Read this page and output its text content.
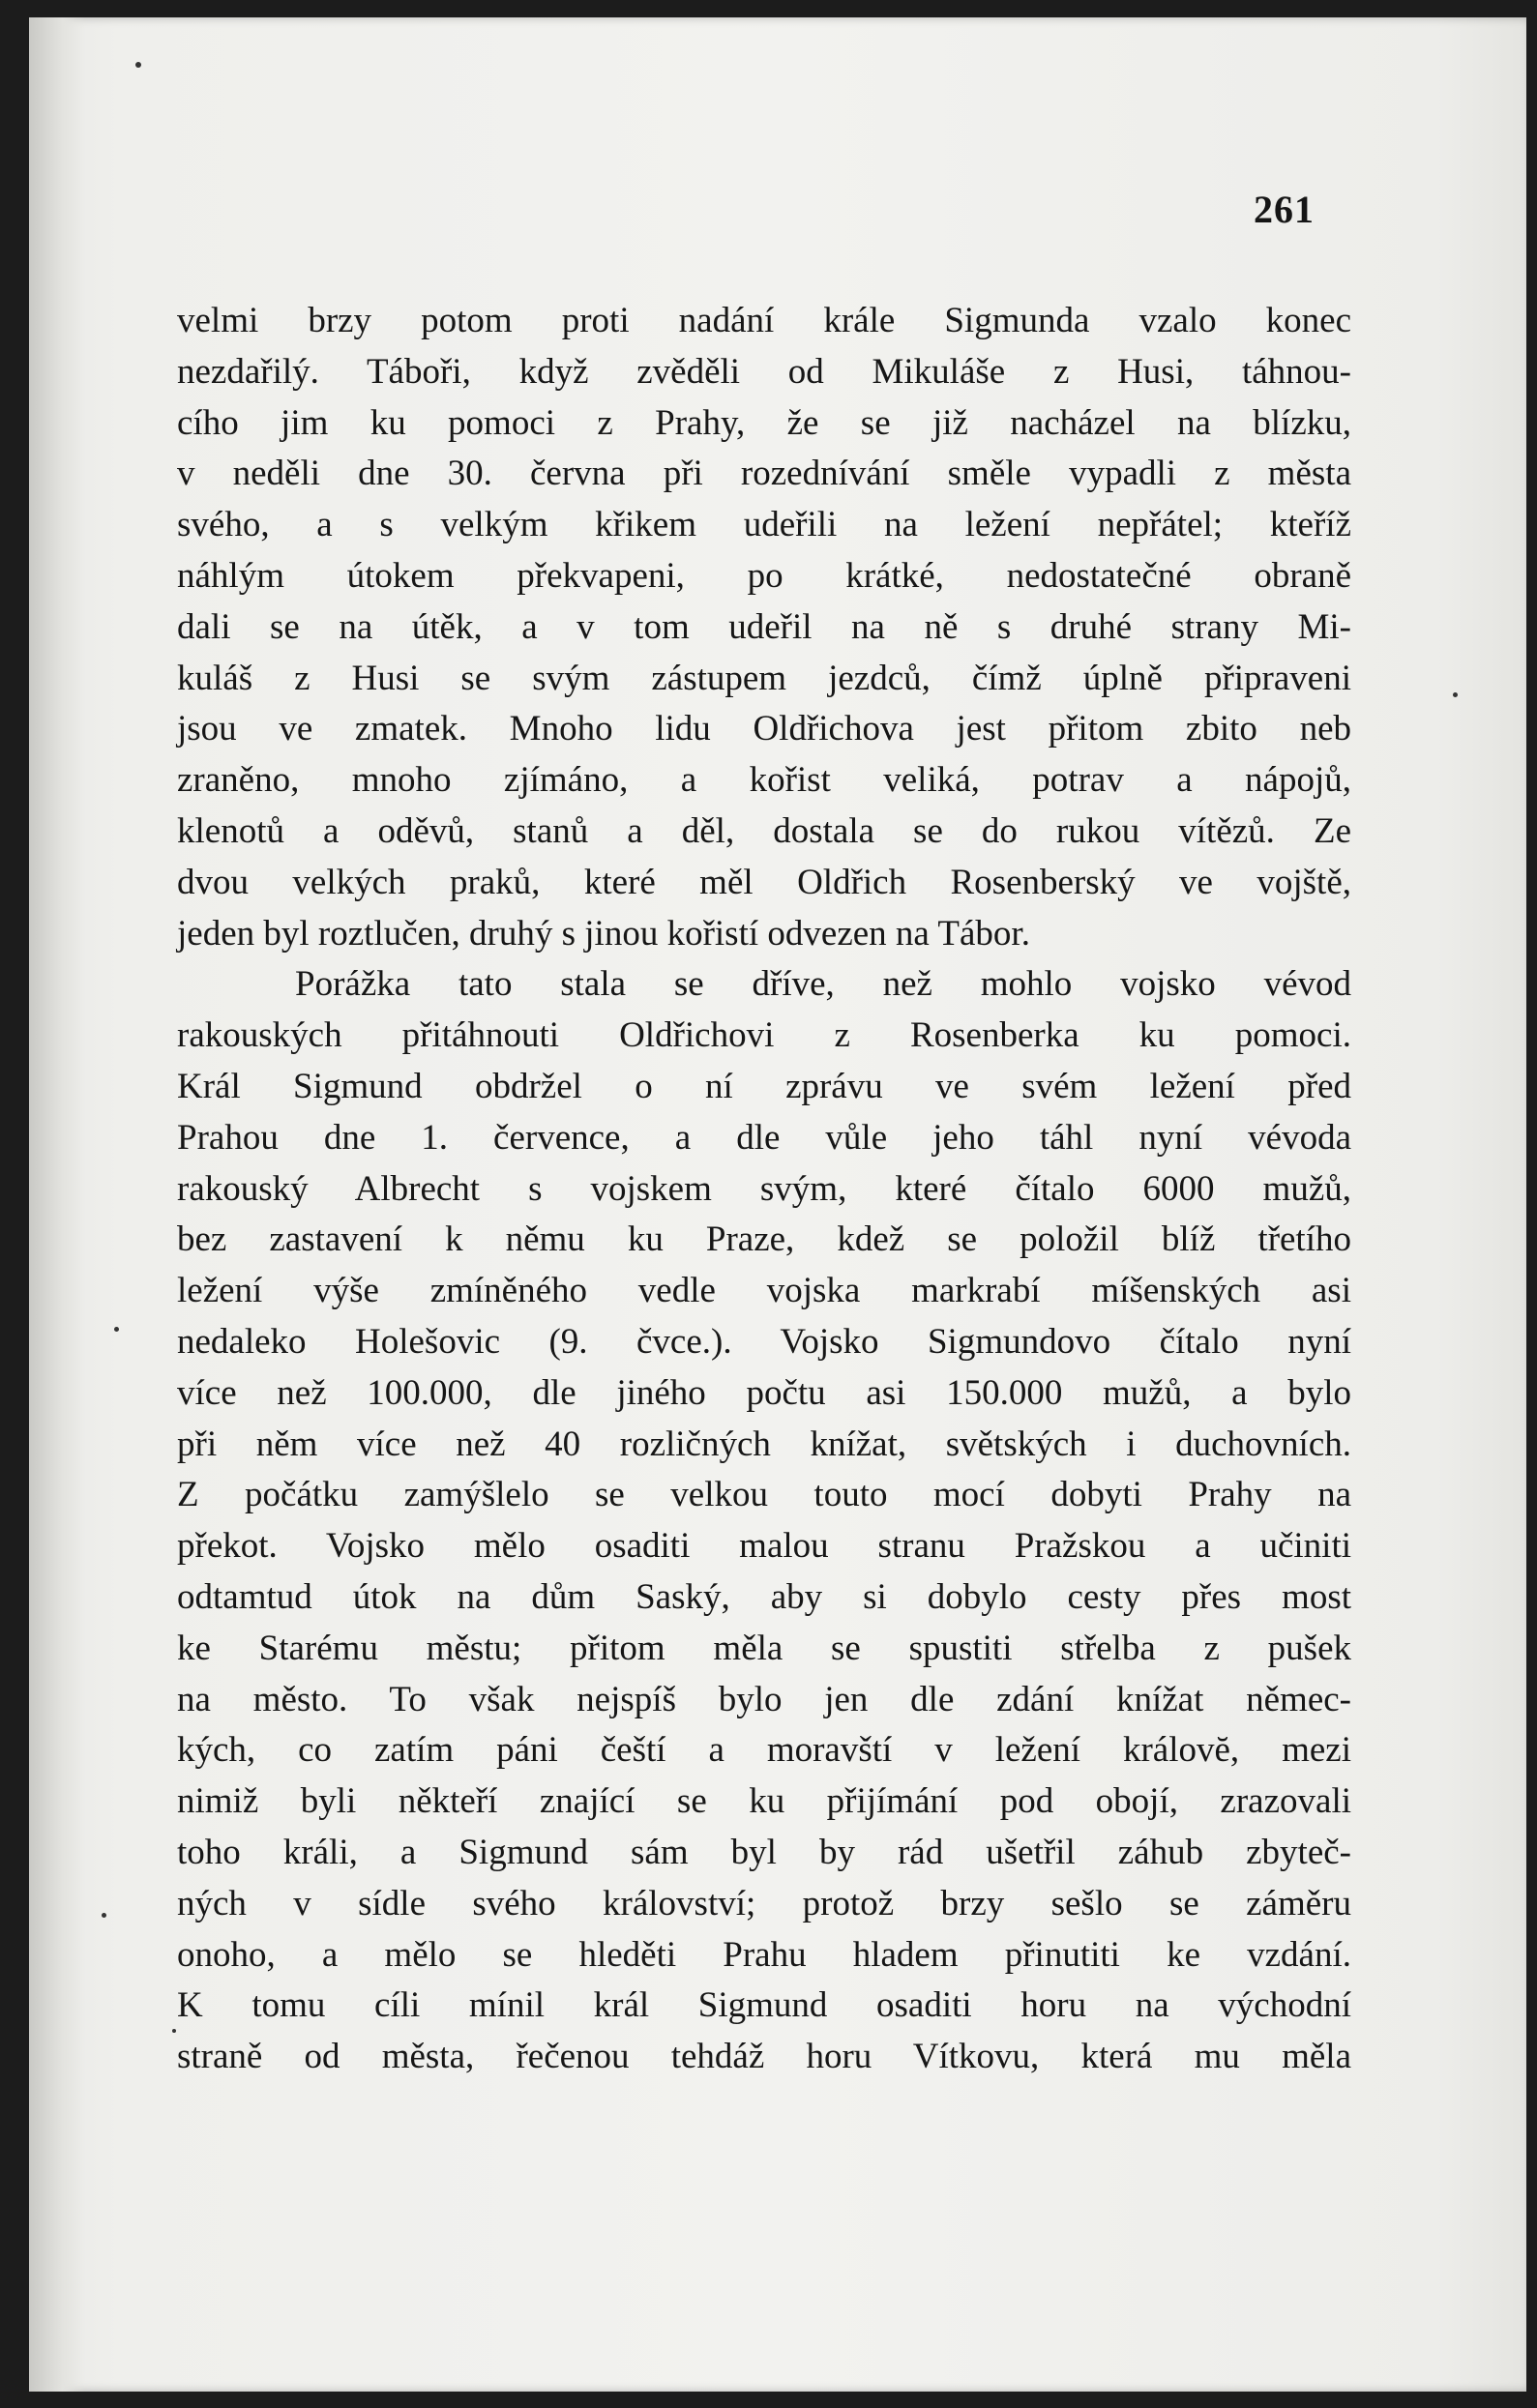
261
velmi brzy potom proti nadání krále Sigmunda vzalo konec
nezdařilý. Tábořі, když zvěděli od Mikuláše z Husi, táhnou-
cího jim ku pomoci z Prahy, že se již nacházel na blízku,
v neděli dne 30. června při rozednívání směle vypadli z města
svého, a s velkým křikem udeřili na ležení nepřátel; kteříž
náhlým útokem překvapeni, po krátké, nedostatečné obraně
dali se na útěk, a v tom udeřil na ně s druhé strany Mi-
kuláš z Husi se svým zástupem jezdců, čímž úplně připraveni
jsou ve zmatek. Mnoho lidu Oldřichova jest přitom zbito neb
zraněno, mnoho zjímáno, a kořist veliká, potrav a nápojů,
klenotů a oděvů, stanů a děl, dostala se do rukou vítězů. Ze
dvou velkých praků, které měl Oldřich Rosenberský ve vojště,
jeden byl roztlučen, druhý s jinou kořistí odvezen na Tábor.
Porážka tato stala se dříve, než mohlo vojsko vévod
rakouských přitáhnouti Oldřichovi z Rosenberka ku pomoci.
Král Sigmund obdržel o ní zprávu ve svém ležení před
Prahou dne 1. července, a dle vůle jeho táhl nyní vévoda
rakouský Albrecht s vojskem svým, které čítalo 6000 mužů,
bez zastavení k němu ku Praze, kdež se položil blíž třetího
ležení výše zmíněného vedle vojska markrabí míšenských asi
nedaleko Holešovic (9. čvce.). Vojsko Sigmundovo čítalo nyní
více než 100.000, dle jiného počtu asi 150.000 mužů, a bylo
při něm více než 40 rozličných knížat, světských i duchovních.
Z počátku zamýšlelo se velkou touto mocí dobyti Prahy na
překot. Vojsko mělo osaditi malou stranu Pražskou a učiniti
odtamtud útok na dům Saský, aby si dobylo cesty přes most
ke Starému městu; přitom měla se spustiti střelba z pušek
na město. To však nejspíš bylo jen dle zdání knížat němec-
kých, co zatím páni čeští a moravští v ležení královĕ, mezi
nimiž byli někteří znající se ku přijímání pod obojí, zrazovali
toho králi, a Sigmund sám byl by rád ušetřil záhub zbyteč-
ných v sídle svého království; protož brzy sešlo se záměru
onoho, a mělo se hleděti Prahu hladem přinutiti ke vzdání.
K tomu cíli mínil král Sigmund osaditi horu na východní
straně od města, řečenou tehdáž horu Vítkovu, která mu měla
